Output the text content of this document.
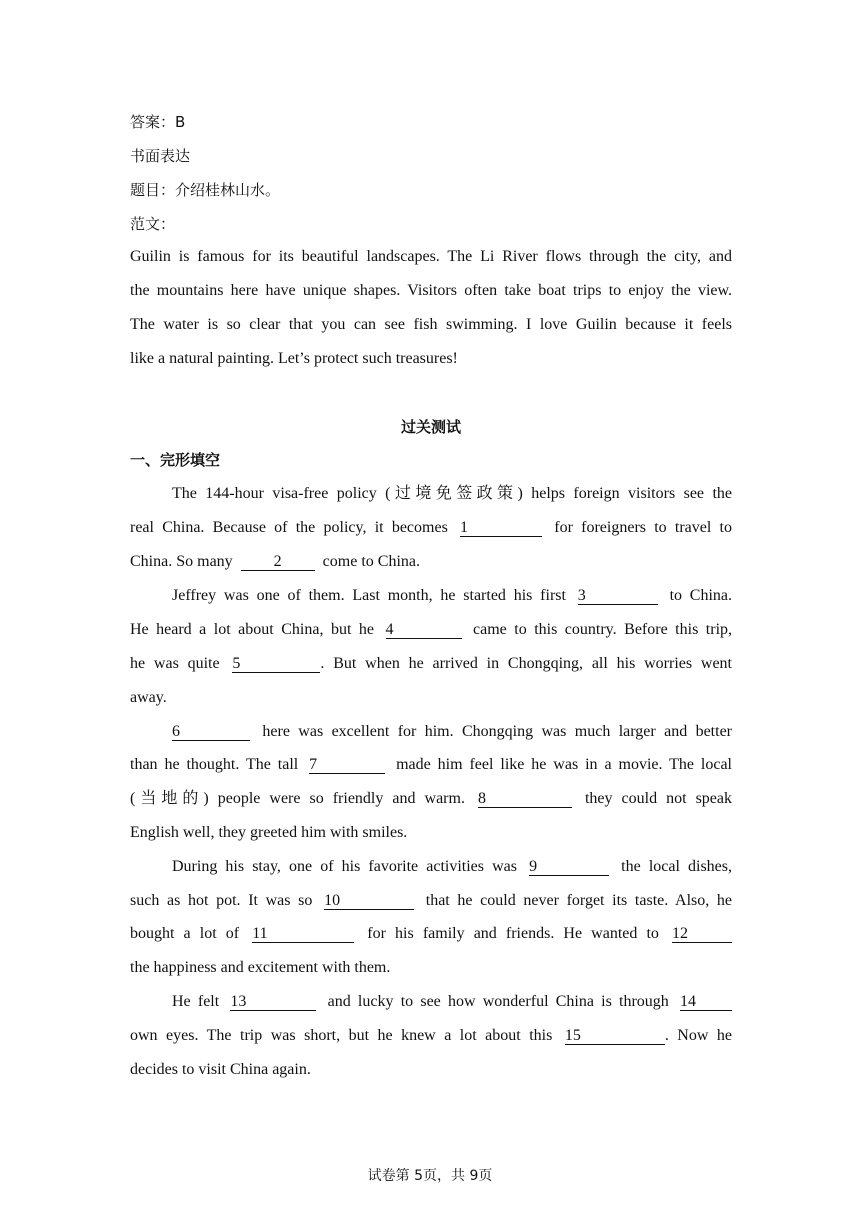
答案：B
书面表达
题目：介绍桂林山水。
范文：
Guilin is famous for its beautiful landscapes. The Li River flows through the city, and
the mountains here have unique shapes. Visitors often take boat trips to enjoy the view.
The water is so clear that you can see fish swimming. I love Guilin because it feels
like a natural painting. Let’s protect such treasures!
过关测试
一、完形填空
The 144-hour visa-free policy (过境免签政策) helps foreign visitors see the
real China. Because of the policy, it becomes 1	for foreigners to travel to
China. So many	2	come to China.
Jeffrey was one of them. Last month, he started his first 3	to China.
He heard a lot about China, but he 4	came to this country. Before this trip,
he was quite 5	. But when he arrived in Chongqing, all his worries went
away.
6	here was excellent for him. Chongqing was much larger and better
than he thought. The tall 7	made him feel like he was in a movie. The local
(当地的) people were so friendly and warm. 8	they could not speak
English well, they greeted him with smiles.
During his stay, one of his favorite activities was 9	the local dishes,
such as hot pot. It was so 10	that he could never forget its taste. Also, he
bought a lot of 11	for his family and friends. He wanted to 12
the happiness and excitement with them.
He felt 13	and lucky to see how wonderful China is through 14
own eyes. The trip was short, but he knew a lot about this 15	. Now he
decides to visit China again.
试卷第 5页，共 9页
